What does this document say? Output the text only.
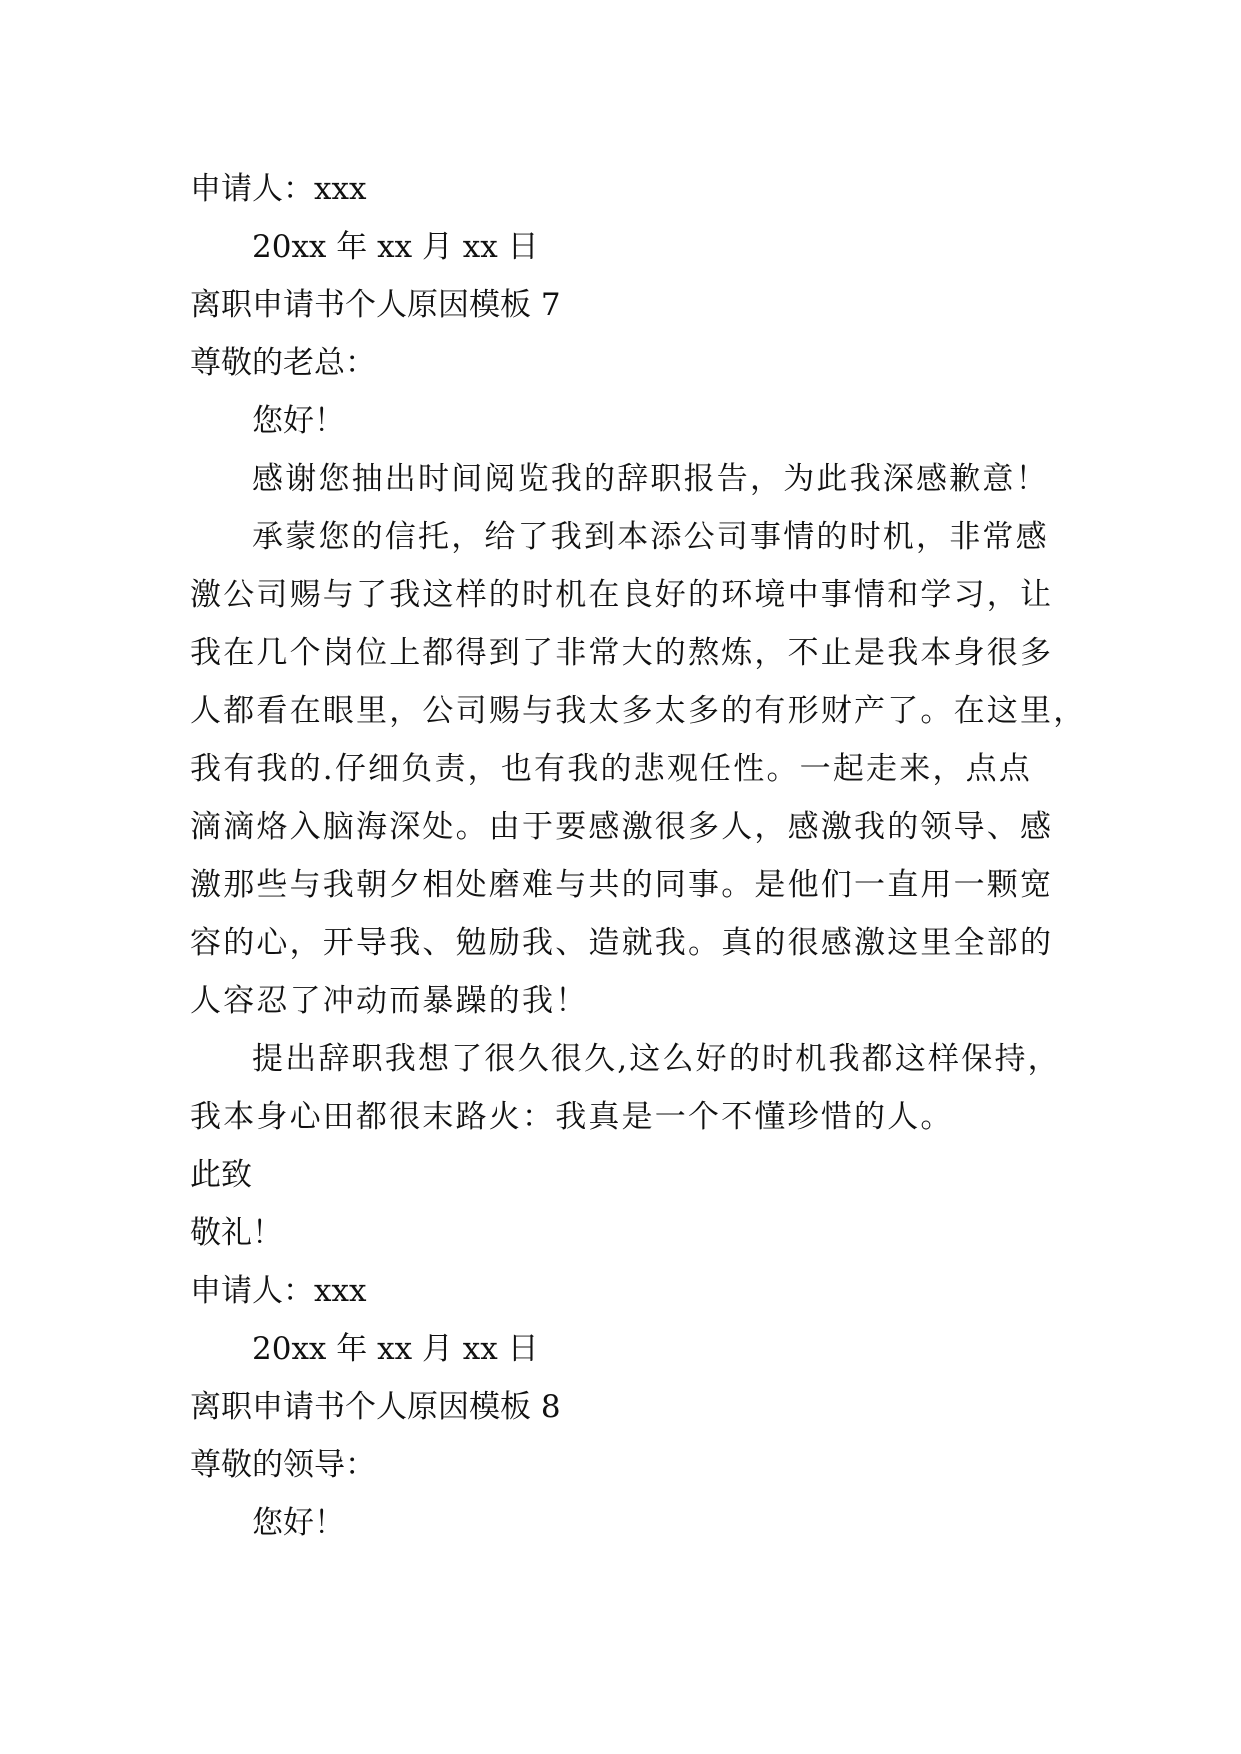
申请人：xxx

20xx 年 xx 月 xx 日

离职申请书个人原因模板 7

尊敬的老总：

您好！

感谢您抽出时间阅览我的辞职报告，为此我深感歉意！
承蒙您的信托，给了我到本添公司事情的时机，非常感
激公司赐与了我这样的时机在良好的环境中事情和学习，让
我在几个岗位上都得到了非常大的熬炼，不止是我本身很多
人都看在眼里，公司赐与我太多太多的有形财产了。在这里，
我有我的.仔细负责，也有我的悲观任性。一起走来，点点
滴滴烙入脑海深处。由于要感激很多人，感激我的领导、感
激那些与我朝夕相处磨难与共的同事。是他们一直用一颗宽
容的心，开导我、勉励我、造就我。真的很感激这里全部的
人容忍了冲动而暴躁的我！
提出辞职我想了很久很久,这么好的时机我都这样保持，
我本身心田都很末路火：我真是一个不懂珍惜的人。

此致

敬礼！

申请人：xxx

20xx 年 xx 月 xx 日

离职申请书个人原因模板 8

尊敬的领导：

您好！
